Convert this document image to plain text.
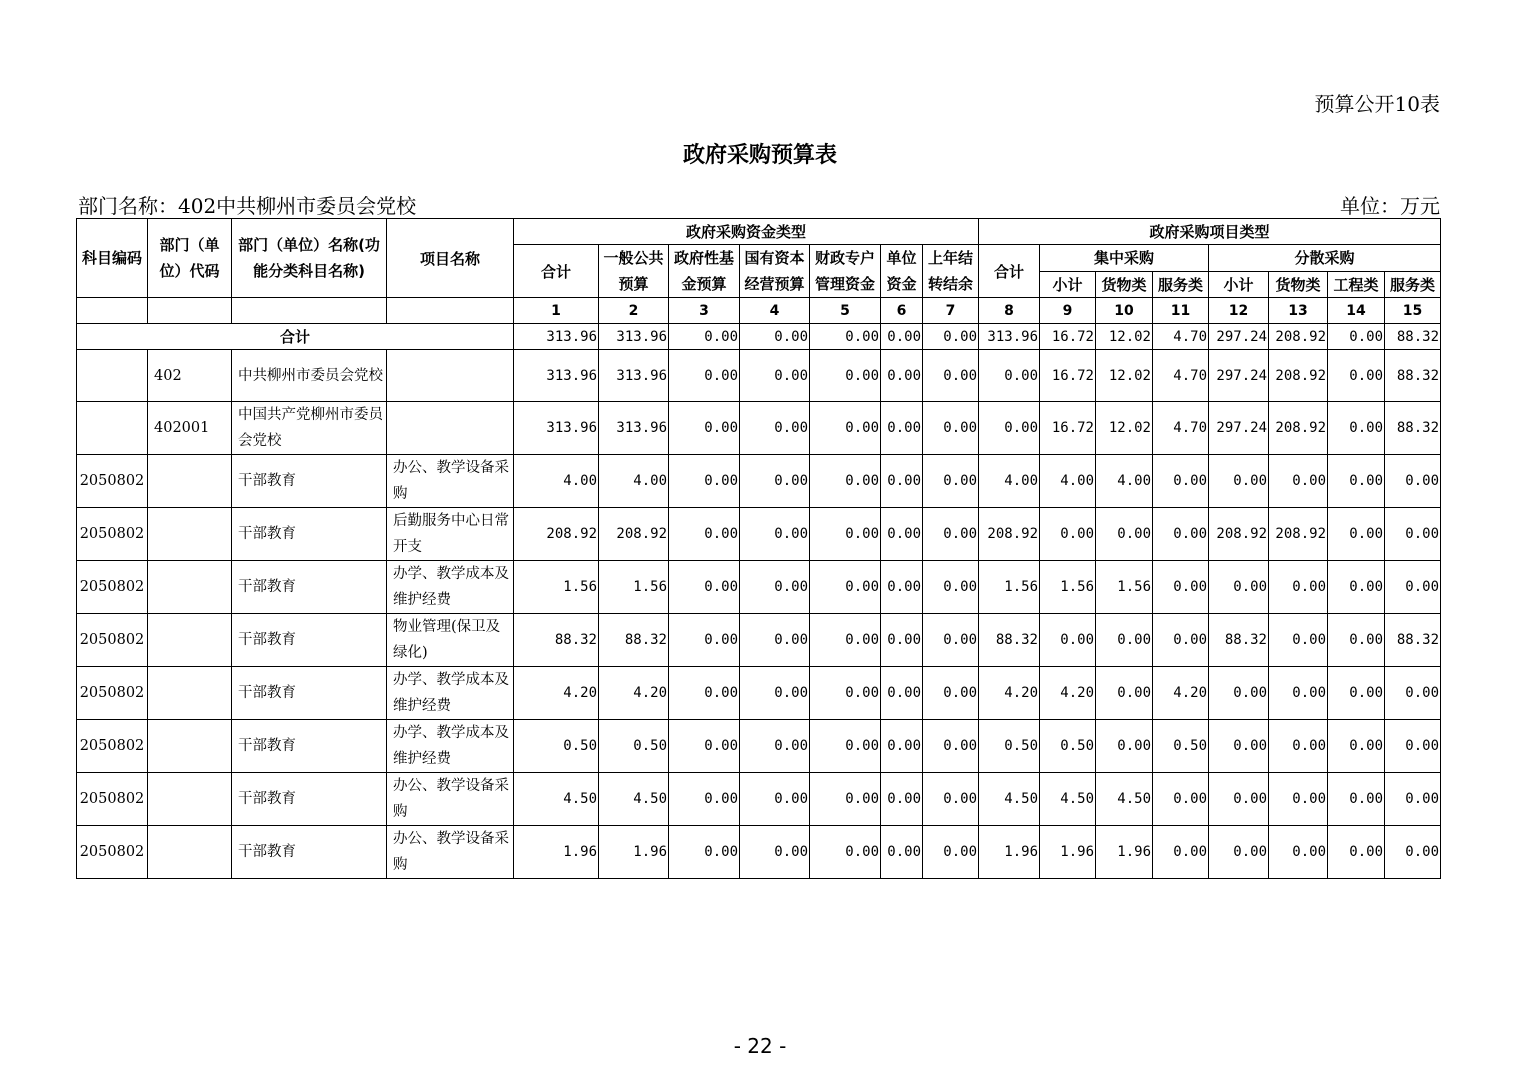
预算公开10表
政府采购预算表
部门名称：402中共柳州市委员会党校	单位：万元
科目编码	部门（单位）代码	部门（单位）名称(功能分类科目名称)	项目名称	政府采购资金类型							政府采购项目类型							
				合计	一般公共预算	政府性基金预算	国有资本经营预算	财政专户管理资金	单位资金	上年结转结余	合计	集中采购			分散采购			
												小计	货物类	服务类	小计	货物类	工程类	服务类
				1	2	3	4	5	6	7	8	9	10	11	12	13	14	15
合计				313.96	313.96	0.00	0.00	0.00	0.00	0.00	313.96	16.72	12.02	4.70	297.24	208.92	0.00	88.32
	402	中共柳州市委员会党校		313.96	313.96	0.00	0.00	0.00	0.00	0.00	0.00	16.72	12.02	4.70	297.24	208.92	0.00	88.32
	402001	中国共产党柳州市委员会党校		313.96	313.96	0.00	0.00	0.00	0.00	0.00	0.00	16.72	12.02	4.70	297.24	208.92	0.00	88.32
2050802		干部教育	办公、教学设备采购	4.00	4.00	0.00	0.00	0.00	0.00	0.00	4.00	4.00	4.00	0.00	0.00	0.00	0.00	0.00
2050802		干部教育	后勤服务中心日常开支	208.92	208.92	0.00	0.00	0.00	0.00	0.00	208.92	0.00	0.00	0.00	208.92	208.92	0.00	0.00
2050802		干部教育	办学、教学成本及维护经费	1.56	1.56	0.00	0.00	0.00	0.00	0.00	1.56	1.56	1.56	0.00	0.00	0.00	0.00	0.00
2050802		干部教育	物业管理(保卫及绿化)	88.32	88.32	0.00	0.00	0.00	0.00	0.00	88.32	0.00	0.00	0.00	88.32	0.00	0.00	88.32
2050802		干部教育	办学、教学成本及维护经费	4.20	4.20	0.00	0.00	0.00	0.00	0.00	4.20	4.20	0.00	4.20	0.00	0.00	0.00	0.00
2050802		干部教育	办学、教学成本及维护经费	0.50	0.50	0.00	0.00	0.00	0.00	0.00	0.50	0.50	0.00	0.50	0.00	0.00	0.00	0.00
2050802		干部教育	办公、教学设备采购	4.50	4.50	0.00	0.00	0.00	0.00	0.00	4.50	4.50	4.50	0.00	0.00	0.00	0.00	0.00
2050802		干部教育	办公、教学设备采购	1.96	1.96	0.00	0.00	0.00	0.00	0.00	1.96	1.96	1.96	0.00	0.00	0.00	0.00	0.00
- 22 -
